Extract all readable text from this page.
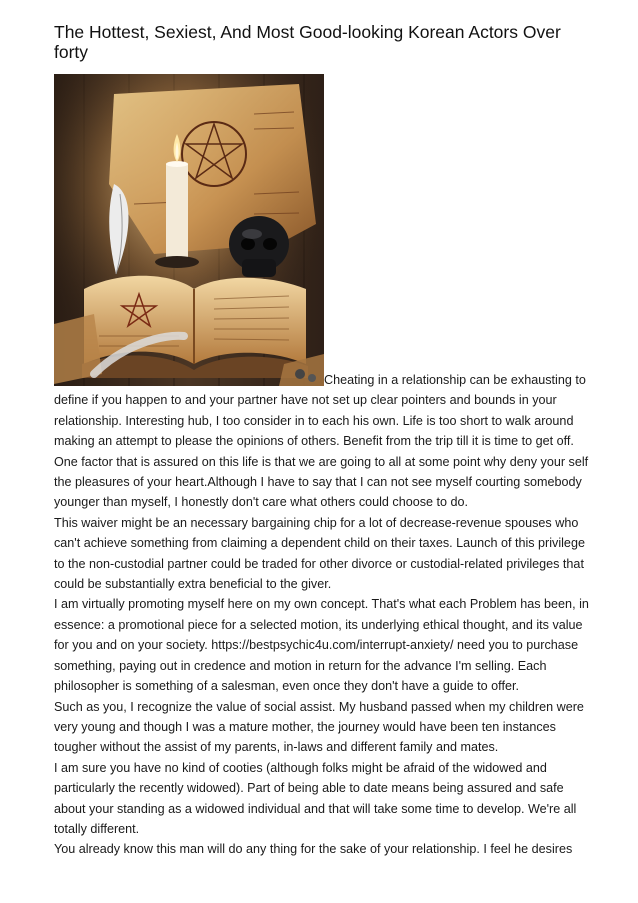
The Hottest, Sexiest, And Most Good-looking Korean Actors Over forty

Cheating in a relationship can be exhausting to define if you happen to and your partner have not set up clear pointers and bounds in your relationship. Interesting hub, I too consider in to each his own. Life is too short to walk around making an attempt to please the opinions of others. Benefit from the trip till it is time to get off. One factor that is assured on this life is that we are going to all at some point why deny your self the pleasures of your heart.Although I have to say that I can not see myself courting somebody younger than myself, I honestly don't care what others could choose to do.

This waiver might be an necessary bargaining chip for a lot of decrease-revenue spouses who can't achieve something from claiming a dependent child on their taxes. Launch of this privilege to the non-custodial partner could be traded for other divorce or custodial-related privileges that could be substantially extra beneficial to the giver.

I am virtually promoting myself here on my own concept. That's what each Problem has been, in essence: a promotional piece for a selected motion, its underlying ethical thought, and its value for you and on your society. https://bestpsychic4u.com/interrupt-anxiety/ need you to purchase something, paying out in credence and motion in return for the advance I'm selling. Each philosopher is something of a salesman, even once they don't have a guide to offer.

Such as you, I recognize the value of social assist. My husband passed when my children were very young and though I was a mature mother, the journey would have been ten instances tougher without the assist of my parents, in-laws and different family and mates.

I am sure you have no kind of cooties (although folks might be afraid of the widowed and particularly the recently widowed). Part of being able to date means being assured and safe about your standing as a widowed individual and that will take some time to develop. We're all totally different.

You already know this man will do any thing for the sake of your relationship. I feel he desires
